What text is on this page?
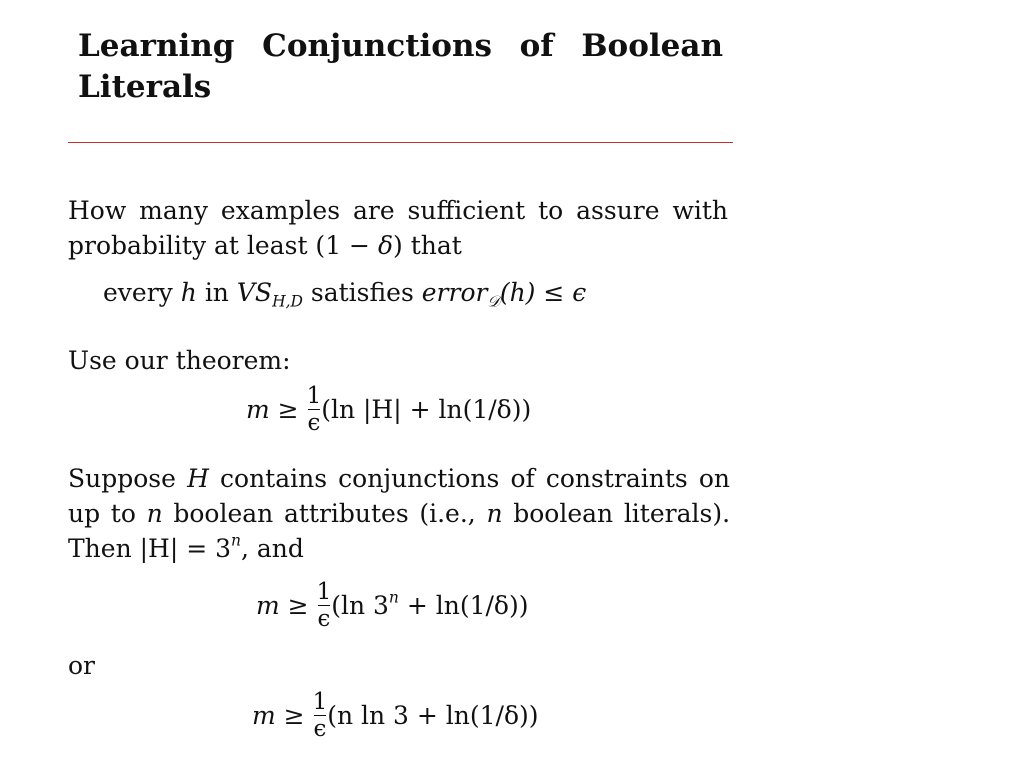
Learning Conjunctions of Boolean
Literals

How many examples are sufficient to assure with
probability at least (1 − δ) that

every h in $VS_{H,D}$ satisfies error$_𝒟$(h) ≤ ϵ

Use our theorem:

$m \ge \frac{1}{\epsilon} (\ln$ |H| + ln(1/δ))

Suppose H contains conjunctions of constraints on
up to n boolean attributes (i.e., n boolean literals).
Then $|H| = 3^n$, and

$m \ge \frac{1}{\epsilon} (\ln$ $3^n + \ln(1/\delta)$)

or

$m \ge \frac{1}{\epsilon} (n$ ln 3 + ln(1/δ))
